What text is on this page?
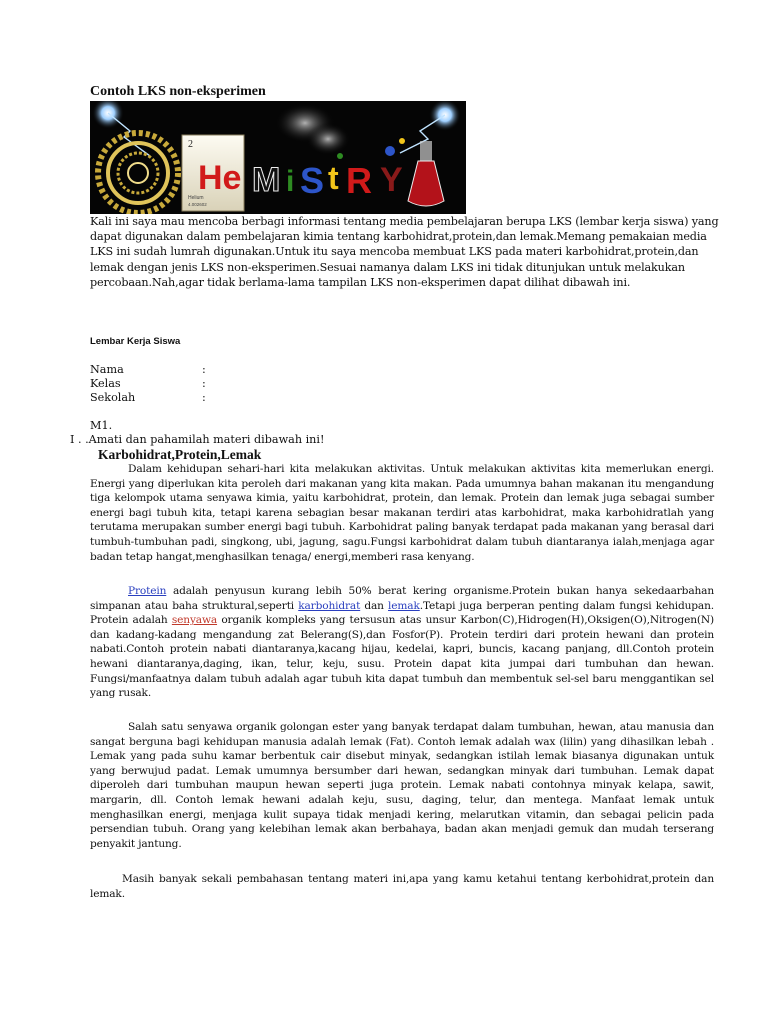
Contoh LKS non-eksperimen
2
Helium
4.002602
He M i S t R Y

Kali ini saya mau mencoba berbagi informasi tentang media pembelajaran berupa LKS (lembar kerja siswa) yang dapat digunakan dalam pembelajaran kimia tentang karbohidrat,protein,dan lemak.Memang pemakaian media LKS ini sudah lumrah digunakan.Untuk itu saya mencoba membuat LKS pada materi karbohidrat,protein,dan lemak dengan jenis LKS non-eksperimen.Sesuai namanya dalam LKS ini tidak ditunjukan untuk melakukan percobaan.Nah,agar tidak berlama-lama tampilan LKS non-eksperimen dapat dilihat dibawah ini.

Lembar Kerja Siswa
Nama	:
Kelas	:
Sekolah	:
M1.
I . .Amati dan pahamilah materi dibawah ini!
Karbohidrat,Protein,Lemak

Dalam kehidupan sehari-hari kita melakukan aktivitas. Untuk melakukan aktivitas kita memerlukan energi. Energi yang diperlukan kita peroleh dari makanan yang kita makan. Pada umumnya bahan makanan itu mengandung tiga kelompok utama senyawa kimia, yaitu karbohidrat, protein, dan lemak. Protein dan lemak juga sebagai sumber energi bagi tubuh kita, tetapi karena sebagian besar makanan terdiri atas karbohidrat, maka karbohidratlah yang terutama merupakan sumber energi bagi tubuh. Karbohidrat paling banyak terdapat pada makanan yang berasal dari tumbuh-tumbuhan padi, singkong, ubi, jagung, sagu.Fungsi karbohidrat dalam tubuh diantaranya ialah,menjaga agar badan tetap hangat,menghasilkan tenaga/ energi,memberi rasa kenyang.

Protein adalah penyusun kurang lebih 50% berat kering organisme.Protein bukan hanya sekedaarbahan simpanan atau baha struktural,seperti karbohidrat dan lemak.Tetapi juga berperan penting dalam fungsi kehidupan. Protein adalah senyawa organik kompleks yang tersusun atas unsur Karbon(C),Hidrogen(H),Oksigen(O),Nitrogen(N) dan kadang-kadang mengandung zat Belerang(S),dan Fosfor(P). Protein terdiri dari protein hewani dan protein nabati.Contoh protein nabati diantaranya,kacang hijau, kedelai, kapri, buncis, kacang panjang, dll.Contoh protein hewani diantaranya,daging, ikan, telur, keju, susu. Protein dapat kita jumpai dari tumbuhan dan hewan. Fungsi/manfaatnya dalam tubuh adalah agar tubuh kita dapat tumbuh dan membentuk sel-sel baru menggantikan sel yang rusak.

Salah satu senyawa organik golongan ester yang banyak terdapat dalam tumbuhan, hewan, atau manusia dan sangat berguna bagi kehidupan manusia adalah lemak (Fat). Contoh lemak adalah wax (lilin) yang dihasilkan lebah . Lemak yang pada suhu kamar berbentuk cair disebut minyak, sedangkan istilah lemak biasanya digunakan untuk yang berwujud padat. Lemak umumnya bersumber dari hewan, sedangkan minyak dari tumbuhan. Lemak dapat diperoleh dari tumbuhan maupun hewan seperti juga protein. Lemak nabati contohnya minyak kelapa, sawit, margarin, dll. Contoh lemak hewani adalah keju, susu, daging, telur, dan mentega. Manfaat lemak untuk menghasilkan energi, menjaga kulit supaya tidak menjadi kering, melarutkan vitamin, dan sebagai pelicin pada persendian tubuh. Orang yang kelebihan lemak akan berbahaya, badan akan menjadi gemuk dan mudah terserang penyakit jantung.

Masih banyak sekali pembahasan tentang materi ini,apa yang kamu ketahui tentang kerbohidrat,protein dan lemak.
